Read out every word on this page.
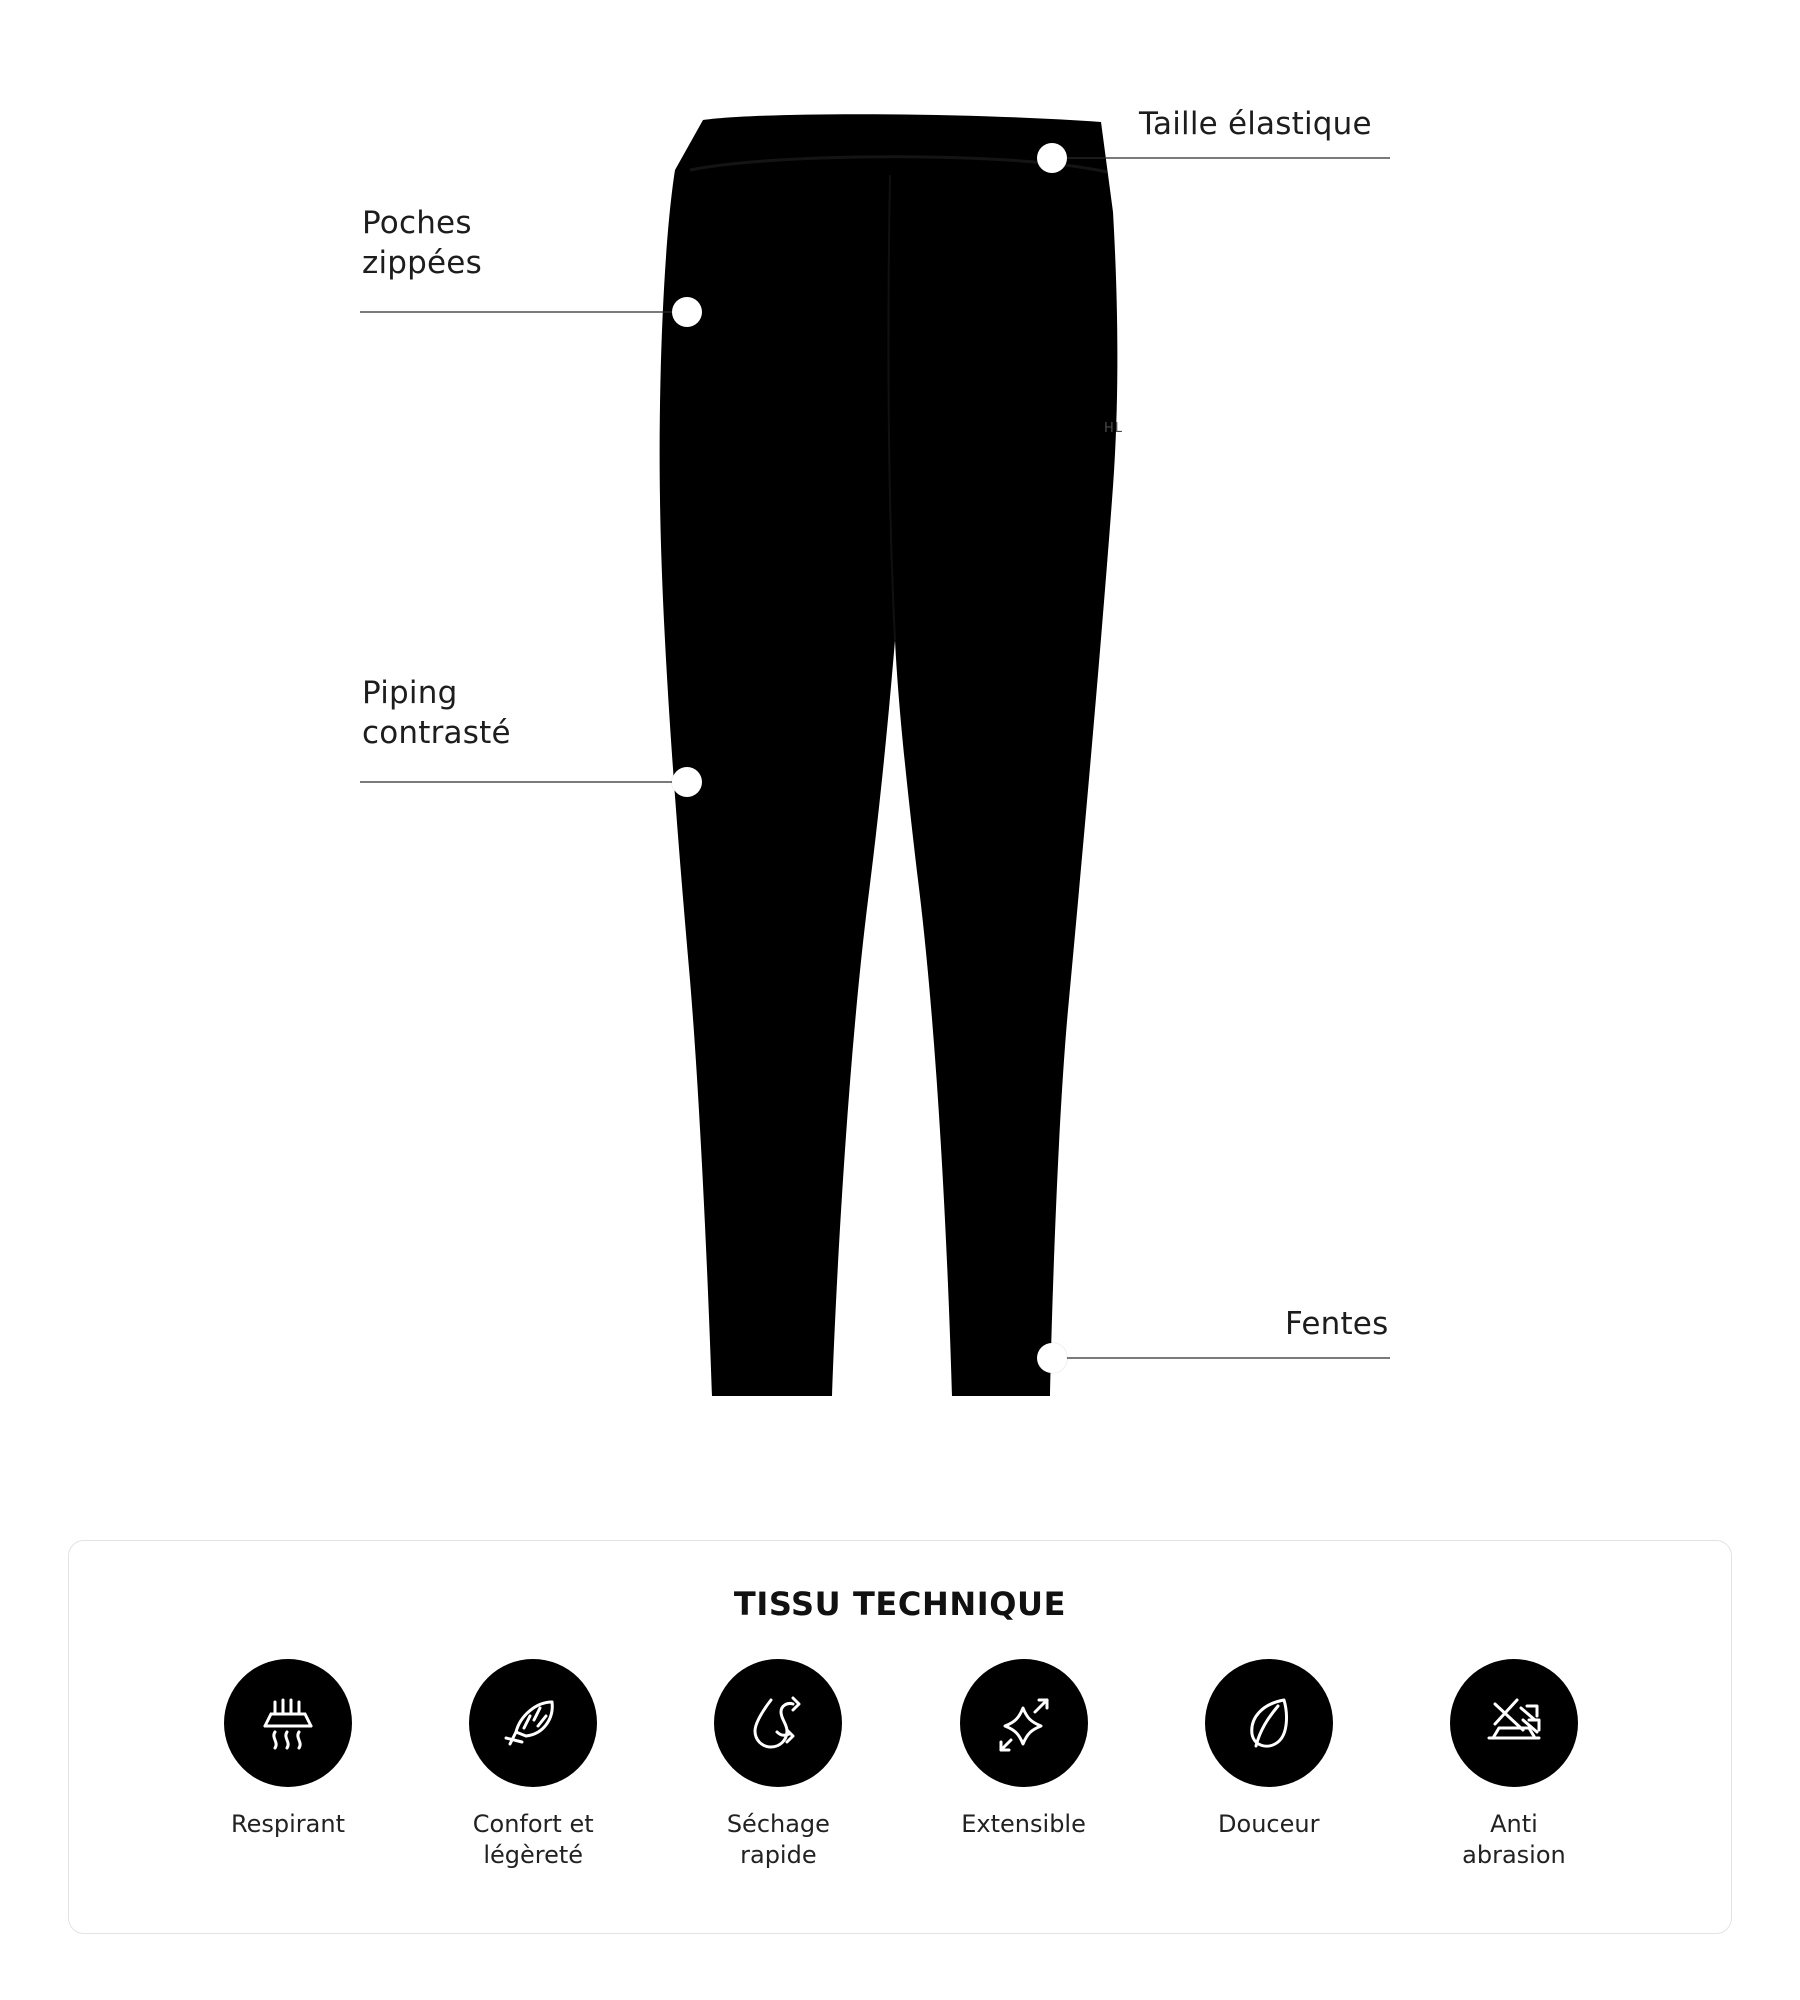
HL
Taille élastique
Poches
zippées
Piping
contrasté
Fentes
TISSU TECHNIQUE
Respirant	Confort et
légèreté
Séchage
rapide
Extensible	Douceur	Anti
abrasion
